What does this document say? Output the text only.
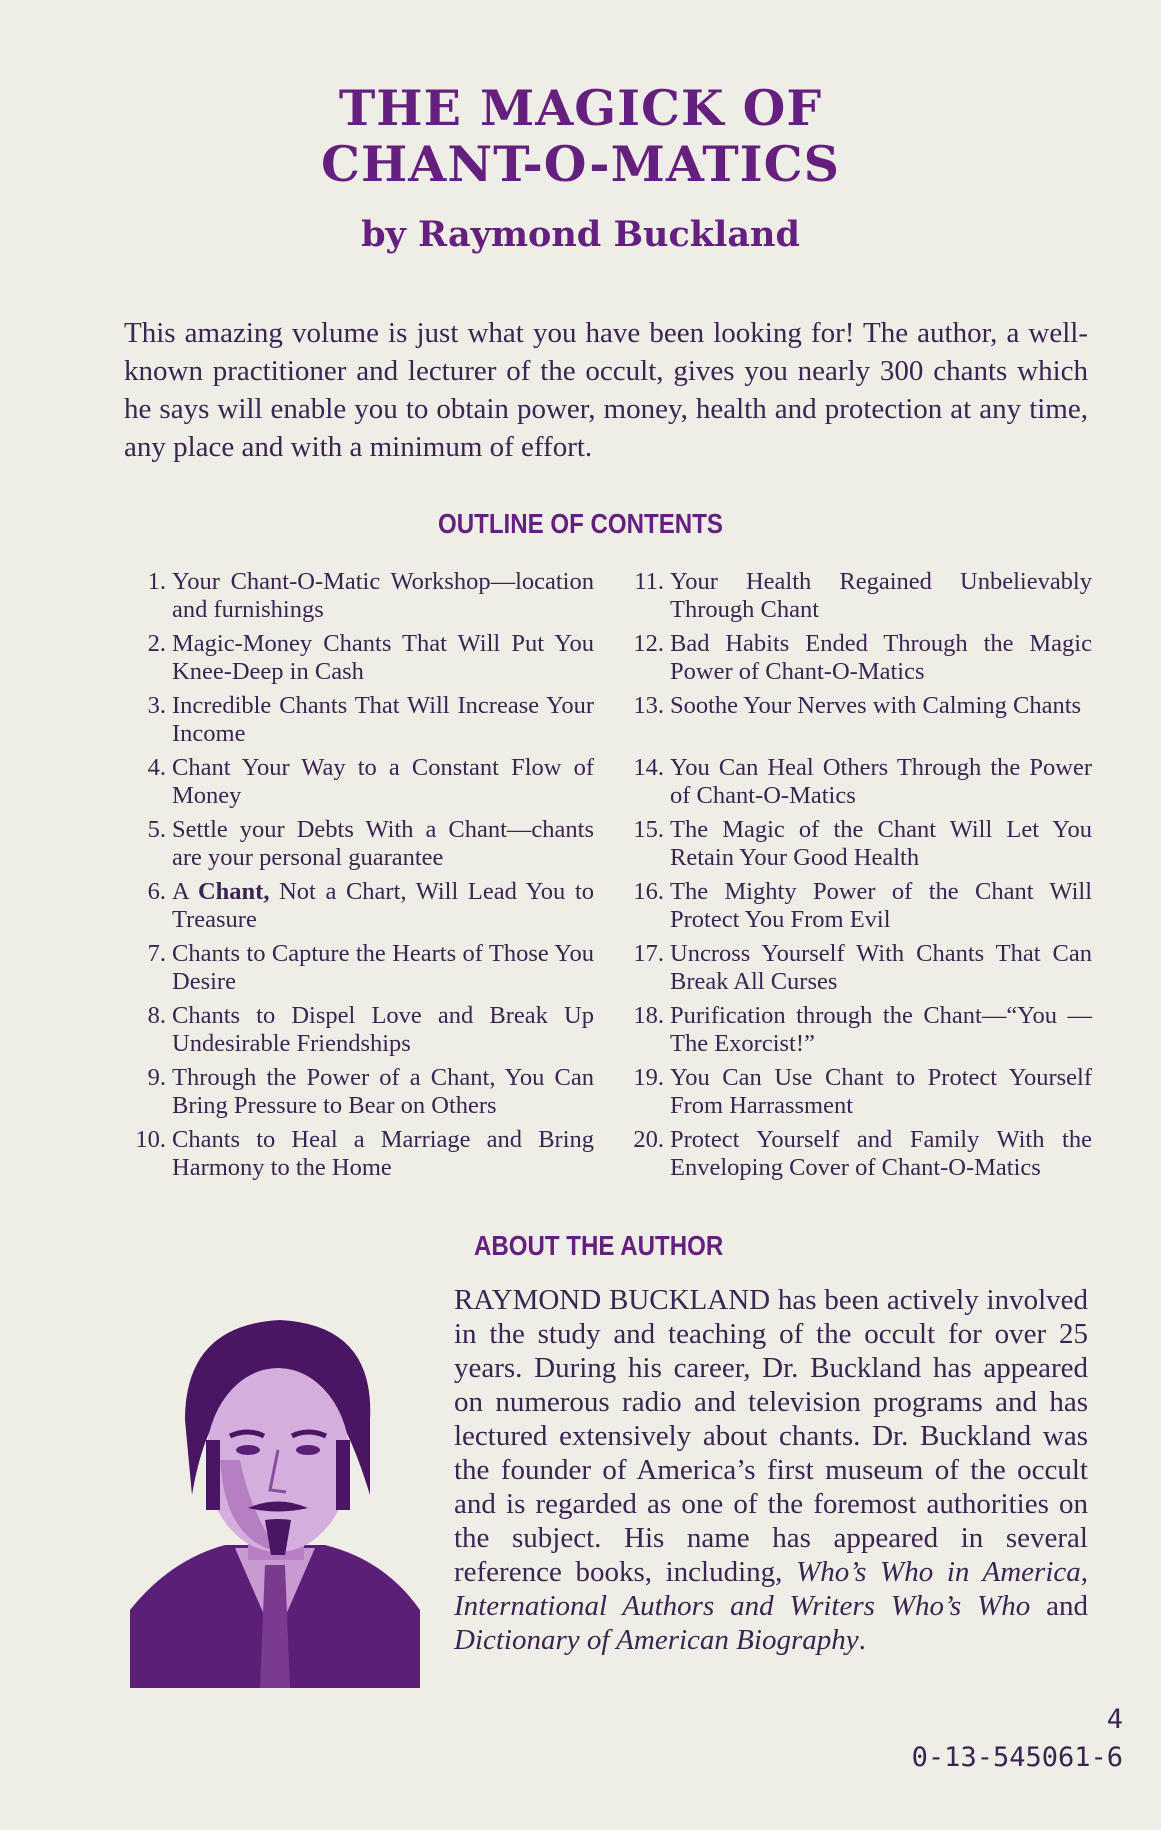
THE MAGICK OF
CHANT-O-MATICS
by Raymond Buckland
This amazing volume is just what you have been looking for! The author, a well-known practitioner and lecturer of the occult, gives you nearly 300 chants which he says will enable you to obtain power, money, health and protection at any time, any place and with a minimum of effort.
OUTLINE OF CONTENTS
1. Your Chant-O-Matic Workshop—location and furnishings
2. Magic-Money Chants That Will Put You Knee-Deep in Cash
3. Incredible Chants That Will Increase Your Income
4. Chant Your Way to a Constant Flow of Money
5. Settle your Debts With a Chant—chants are your personal guarantee
6. A Chant, Not a Chart, Will Lead You to Treasure
7. Chants to Capture the Hearts of Those You Desire
8. Chants to Dispel Love and Break Up Undesirable Friendships
9. Through the Power of a Chant, You Can Bring Pressure to Bear on Others
10. Chants to Heal a Marriage and Bring Harmony to the Home
11. Your Health Regained Unbelievably Through Chant
12. Bad Habits Ended Through the Magic Power of Chant-O-Matics
13. Soothe Your Nerves with Calming Chants
14. You Can Heal Others Through the Power of Chant-O-Matics
15. The Magic of the Chant Will Let You Retain Your Good Health
16. The Mighty Power of the Chant Will Protect You From Evil
17. Uncross Yourself With Chants That Can Break All Curses
18. Purification through the Chant—“You —The Exorcist!”
19. You Can Use Chant to Protect Yourself From Harrassment
20. Protect Yourself and Family With the Enveloping Cover of Chant-O-Matics
ABOUT THE AUTHOR
RAYMOND BUCKLAND has been actively involved in the study and teaching of the occult for over 25 years. During his career, Dr. Buckland has appeared on numerous radio and television programs and has lectured extensively about chants. Dr. Buckland was the founder of America’s first museum of the occult and is regarded as one of the foremost authorities on the subject. His name has appeared in several reference books, including, Who’s Who in America, International Authors and Writers Who’s Who and Dictionary of American Biography.
4
0-13-545061-6
